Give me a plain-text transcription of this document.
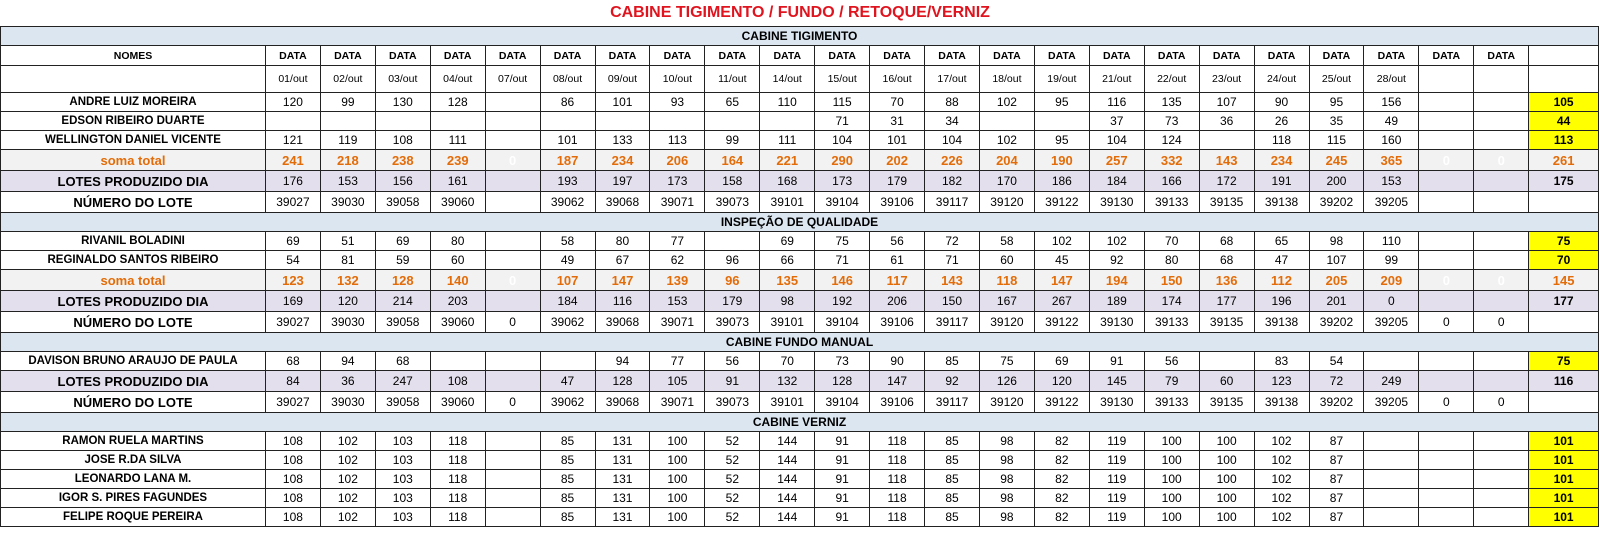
CABINE TIGIMENTO / FUNDO / RETOQUE/VERNIZ
CABINE TIGIMENTO																								
NOMES	DATA	DATA	DATA	DATA	DATA	DATA	DATA	DATA	DATA	DATA	DATA	DATA	DATA	DATA	DATA	DATA	DATA	DATA	DATA	DATA	DATA	DATA	DATA	
	01/out	02/out	03/out	04/out	07/out	08/out	09/out	10/out	11/out	14/out	15/out	16/out	17/out	18/out	19/out	21/out	22/out	23/out	24/out	25/out	28/out			
ANDRE LUIZ MOREIRA	120	99	130	128		86	101	93	65	110	115	70	88	102	95	116	135	107	90	95	156			105
EDSON RIBEIRO DUARTE											71	31	34			37	73	36	26	35	49			44
WELLINGTON DANIEL VICENTE	121	119	108	111		101	133	113	99	111	104	101	104	102	95	104	124		118	115	160			113
soma total	241	218	238	239	0	187	234	206	164	221	290	202	226	204	190	257	332	143	234	245	365	0	0	261
LOTES PRODUZIDO DIA	176	153	156	161		193	197	173	158	168	173	179	182	170	186	184	166	172	191	200	153			175
NÚMERO DO LOTE	39027	39030	39058	39060		39062	39068	39071	39073	39101	39104	39106	39117	39120	39122	39130	39133	39135	39138	39202	39205			
INSPEÇÃO DE QUALIDADE																								
RIVANIL BOLADINI	69	51	69	80		58	80	77		69	75	56	72	58	102	102	70	68	65	98	110			75
REGINALDO SANTOS RIBEIRO	54	81	59	60		49	67	62	96	66	71	61	71	60	45	92	80	68	47	107	99			70
soma total	123	132	128	140	0	107	147	139	96	135	146	117	143	118	147	194	150	136	112	205	209	0	0	145
LOTES PRODUZIDO DIA	169	120	214	203		184	116	153	179	98	192	206	150	167	267	189	174	177	196	201	0			177
NÚMERO DO LOTE	39027	39030	39058	39060	0	39062	39068	39071	39073	39101	39104	39106	39117	39120	39122	39130	39133	39135	39138	39202	39205	0	0	
CABINE FUNDO MANUAL																								
DAVISON BRUNO ARAUJO DE PAULA	68	94	68				94	77	56	70	73	90	85	75	69	91	56		83	54				75
LOTES PRODUZIDO DIA	84	36	247	108		47	128	105	91	132	128	147	92	126	120	145	79	60	123	72	249			116
NÚMERO DO LOTE	39027	39030	39058	39060	0	39062	39068	39071	39073	39101	39104	39106	39117	39120	39122	39130	39133	39135	39138	39202	39205	0	0	
CABINE VERNIZ																								
RAMON RUELA MARTINS	108	102	103	118		85	131	100	52	144	91	118	85	98	82	119	100	100	102	87				101
JOSE R.DA SILVA	108	102	103	118		85	131	100	52	144	91	118	85	98	82	119	100	100	102	87				101
LEONARDO LANA M.	108	102	103	118		85	131	100	52	144	91	118	85	98	82	119	100	100	102	87				101
IGOR S. PIRES FAGUNDES	108	102	103	118		85	131	100	52	144	91	118	85	98	82	119	100	100	102	87				101
FELIPE ROQUE PEREIRA	108	102	103	118		85	131	100	52	144	91	118	85	98	82	119	100	100	102	87				101
